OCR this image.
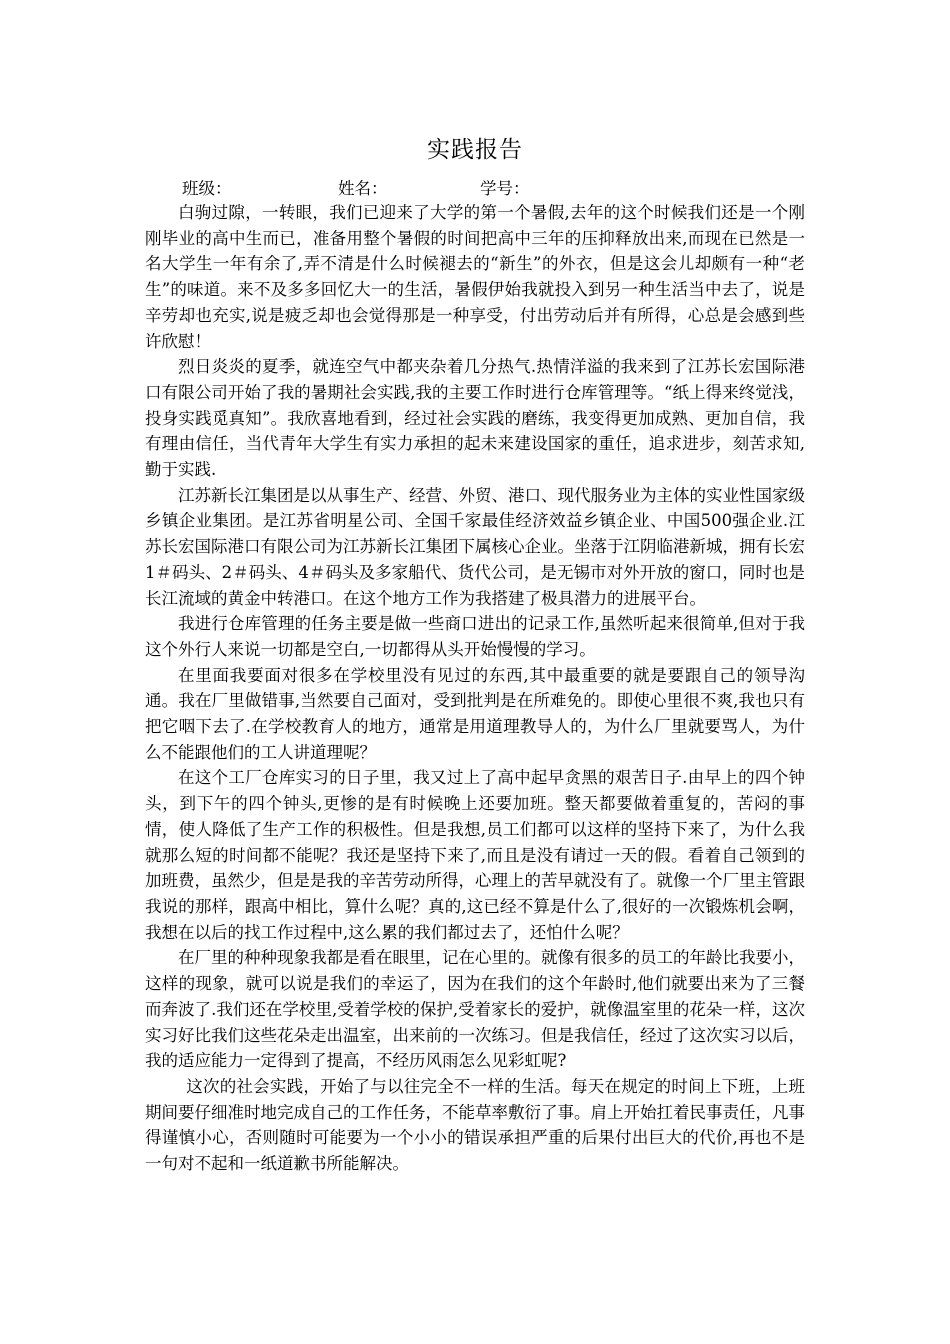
实践报告
班级：	姓名：	学号：

白驹过隙，一转眼，我们已迎来了大学的第一个暑假,去年的这个时候我们还是一个刚刚毕业的高中生而已，准备用整个暑假的时间把高中三年的压抑释放出来,而现在已然是一名大学生一年有余了,弄不清是什么时候褪去的“新生”的外衣，但是这会儿却颇有一种“老生”的味道。来不及多多回忆大一的生活，暑假伊始我就投入到另一种生活当中去了，说是辛劳却也充实,说是疲乏却也会觉得那是一种享受，付出劳动后并有所得，心总是会感到些许欣慰！

烈日炎炎的夏季，就连空气中都夹杂着几分热气.热情洋溢的我来到了江苏长宏国际港口有限公司开始了我的暑期社会实践,我的主要工作时进行仓库管理等。“纸上得来终觉浅，投身实践觅真知”。我欣喜地看到，经过社会实践的磨练，我变得更加成熟、更加自信，我有理由信任，当代青年大学生有实力承担的起未来建设国家的重任，追求进步，刻苦求知,勤于实践.

江苏新长江集团是以从事生产、经营、外贸、港口、现代服务业为主体的实业性国家级乡镇企业集团。是江苏省明星公司、全国千家最佳经济效益乡镇企业、中国500强企业.江苏长宏国际港口有限公司为江苏新长江集团下属核心企业。坐落于江阴临港新城，拥有长宏1＃码头、2＃码头、4＃码头及多家船代、货代公司，是无锡市对外开放的窗口，同时也是长江流域的黄金中转港口。在这个地方工作为我搭建了极具潜力的进展平台。

我进行仓库管理的任务主要是做一些商口进出的记录工作,虽然听起来很简单,但对于我这个外行人来说一切都是空白,一切都得从头开始慢慢的学习。

在里面我要面对很多在学校里没有见过的东西,其中最重要的就是要跟自己的领导沟通。我在厂里做错事,当然要自己面对，受到批判是在所难免的。即使心里很不爽,我也只有把它咽下去了.在学校教育人的地方，通常是用道理教导人的，为什么厂里就要骂人，为什么不能跟他们的工人讲道理呢？

在这个工厂仓库实习的日子里，我又过上了高中起早贪黑的艰苦日子.由早上的四个钟头，到下午的四个钟头,更惨的是有时候晚上还要加班。整天都要做着重复的，苦闷的事情，使人降低了生产工作的积极性。但是我想,员工们都可以这样的坚持下来了，为什么我就那么短的时间都不能呢？我还是坚持下来了,而且是没有请过一天的假。看着自己领到的加班费，虽然少，但是是我的辛苦劳动所得，心理上的苦早就没有了。就像一个厂里主管跟我说的那样，跟高中相比，算什么呢？真的,这已经不算是什么了,很好的一次锻炼机会啊，我想在以后的找工作过程中,这么累的我们都过去了，还怕什么呢？

在厂里的种种现象我都是看在眼里，记在心里的。就像有很多的员工的年龄比我要小，这样的现象，就可以说是我们的幸运了，因为在我们的这个年龄时,他们就要出来为了三餐而奔波了.我们还在学校里,受着学校的保护,受着家长的爱护，就像温室里的花朵一样，这次实习好比我们这些花朵走出温室，出来前的一次练习。但是我信任，经过了这次实习以后，我的适应能力一定得到了提高，不经历风雨怎么见彩虹呢?

这次的社会实践，开始了与以往完全不一样的生活。每天在规定的时间上下班，上班期间要仔细准时地完成自己的工作任务，不能草率敷衍了事。肩上开始扛着民事责任，凡事得谨慎小心，否则随时可能要为一个小小的错误承担严重的后果付出巨大的代价,再也不是一句对不起和一纸道歉书所能解决。
